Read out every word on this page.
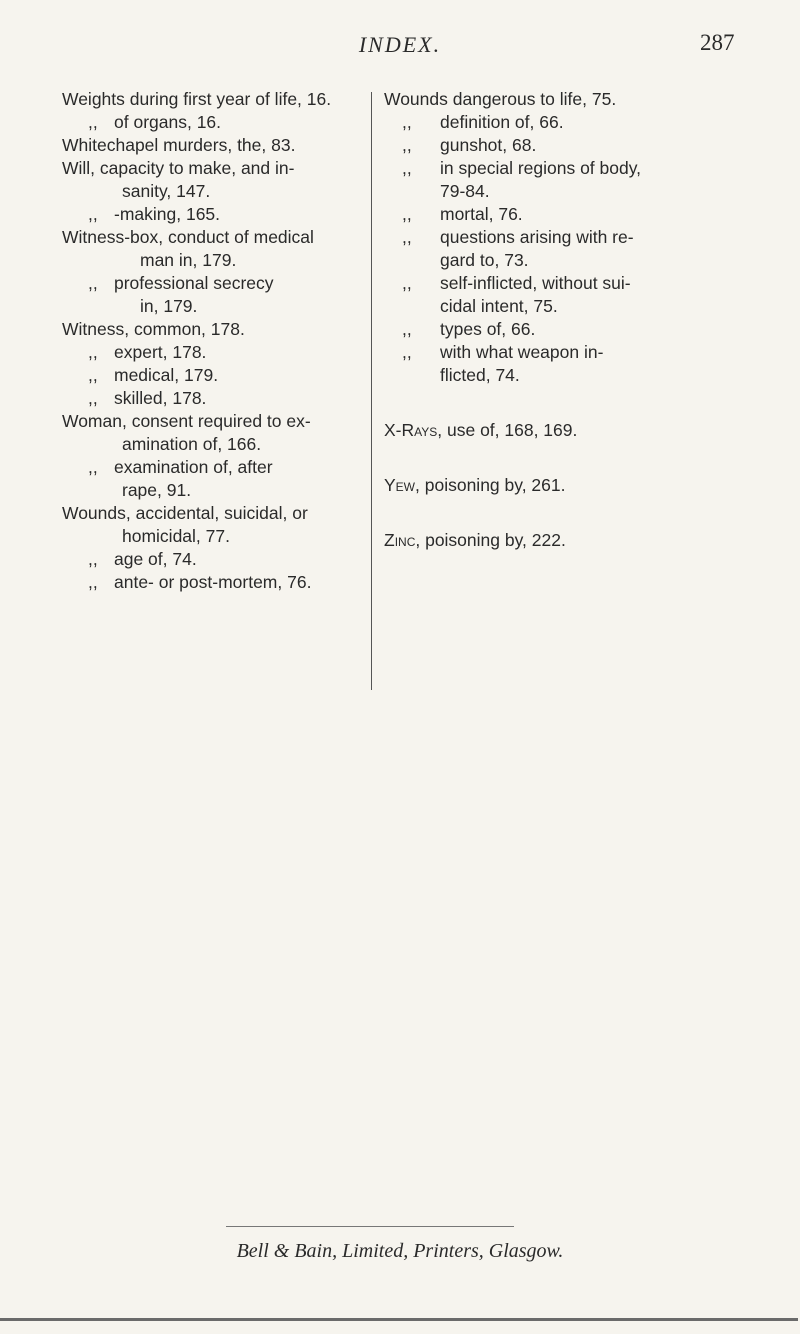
INDEX.	287
Weights during first year of life, 16.
,, of organs, 16.
Whitechapel murders, the, 83.
Will, capacity to make, and in-
sanity, 147.
,, -making, 165.
Witness-box, conduct of medical
man in, 179.
,, professional secrecy
in, 179.
Witness, common, 178.
,, expert, 178.
,, medical, 179.
,, skilled, 178.
Woman, consent required to ex-
amination of, 166.
,, examination of, after
rape, 91.
Wounds, accidental, suicidal, or
homicidal, 77.
,, age of, 74.
,, ante- or post-mortem, 76.
Wounds dangerous to life, 75.
,, definition of, 66.
,, gunshot, 68.
,, in special regions of body,
79-84.
,, mortal, 76.
,, questions arising with re-
gard to, 73.
,, self-inflicted, without sui-
cidal intent, 75.
,, types of, 66.
,, with what weapon in-
flicted, 74.
X-Rays, use of, 168, 169.
Yew, poisoning by, 261.
Zinc, poisoning by, 222.
Bell & Bain, Limited, Printers, Glasgow.
